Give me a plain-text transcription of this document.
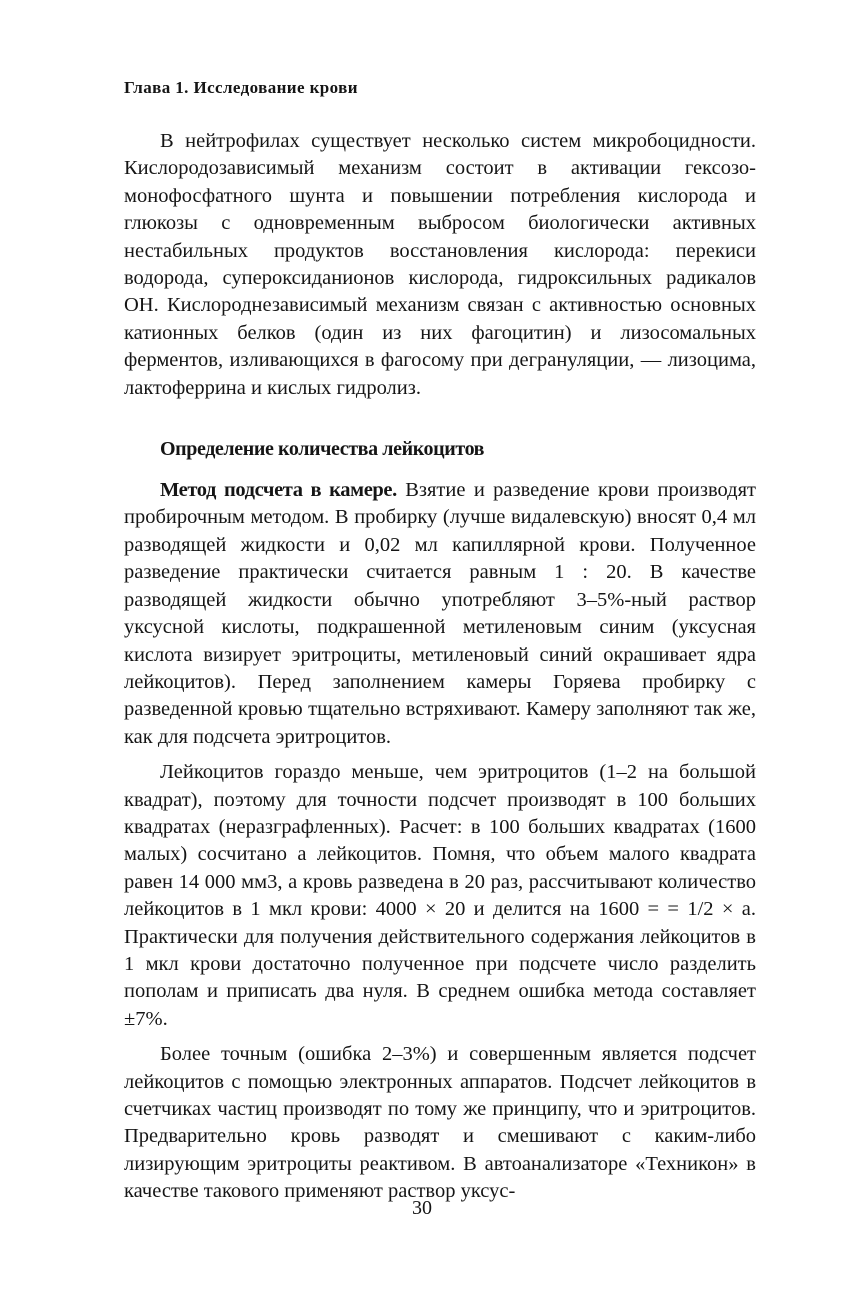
Глава 1. Исследование крови

В нейтрофилах существует несколько систем микробоцидности. Кислородозависимый механизм состоит в активации гексозо-монофосфатного шунта и повышении потребления кислорода и глюкозы с одновременным выбросом биологически активных нестабильных продуктов восстановления кислорода: перекиси водорода, супероксиданионов кислорода, гидроксильных радикалов ОН. Кислороднезависимый механизм связан с активностью основных катионных белков (один из них фагоцитин) и лизосомальных ферментов, изливающихся в фагосому при дегрануляции, — лизоцима, лактоферрина и кислых гидролиз.

Определение количества лейкоцитов

Метод подсчета в камере. Взятие и разведение крови производят пробирочным методом. В пробирку (лучше видалевскую) вносят 0,4 мл разводящей жидкости и 0,02 мл капиллярной крови. Полученное разведение практически считается равным 1 : 20. В качестве разводящей жидкости обычно употребляют 3–5%-ный раствор уксусной кислоты, подкрашенной метиленовым синим (уксусная кислота визирует эритроциты, метиленовый синий окрашивает ядра лейкоцитов). Перед заполнением камеры Горяева пробирку с разведенной кровью тщательно встряхивают. Камеру заполняют так же, как для подсчета эритроцитов.

Лейкоцитов гораздо меньше, чем эритроцитов (1–2 на большой квадрат), поэтому для точности подсчет производят в 100 больших квадратах (неразграфленных). Расчет: в 100 больших квадратах (1600 малых) сосчитано а лейкоцитов. Помня, что объем малого квадрата равен 14 000 мм3, а кровь разведена в 20 раз, рассчитывают количество лейкоцитов в 1 мкл крови: 4000 × 20 и делится на 1600 = = 1/2 × а. Практически для получения действительного содержания лейкоцитов в 1 мкл крови достаточно полученное при подсчете число разделить пополам и приписать два нуля. В среднем ошибка метода составляет ±7%.

Более точным (ошибка 2–3%) и совершенным является подсчет лейкоцитов с помощью электронных аппаратов. Подсчет лейкоцитов в счетчиках частиц производят по тому же принципу, что и эритроцитов. Предварительно кровь разводят и смешивают с каким-либо лизирующим эритроциты реактивом. В автоанализаторе «Техникон» в качестве такового применяют раствор уксус-

30
